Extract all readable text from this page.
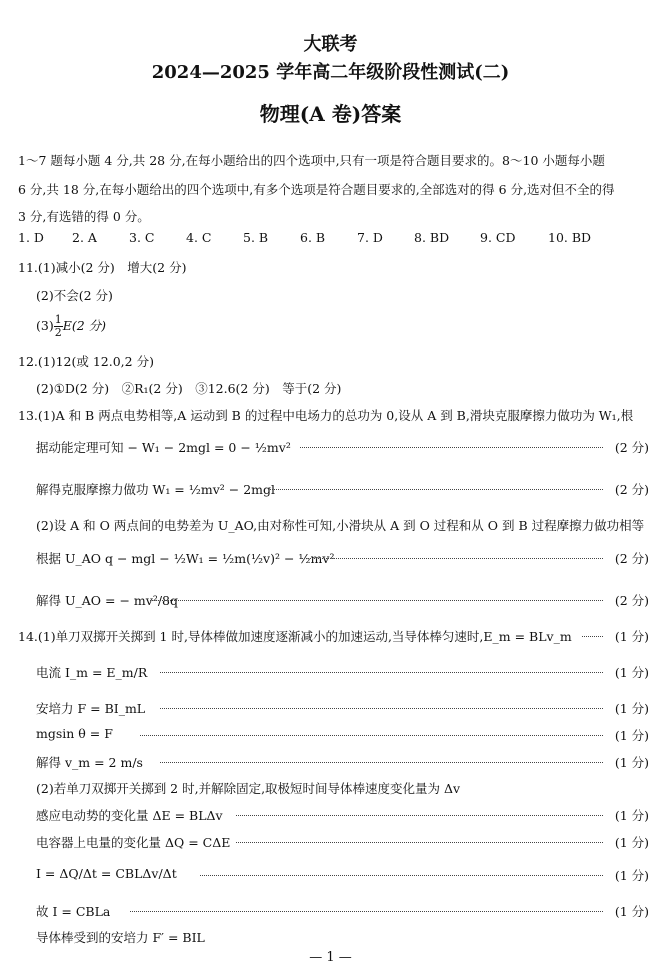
大联考
2024—2025 学年高二年级阶段性测试(二)
物理(A 卷)答案
1～7 题每小题 4 分,共 28 分,在每小题给出的四个选项中,只有一项是符合题目要求的。8～10 小题每小题
6 分,共 18 分,在每小题给出的四个选项中,有多个选项是符合题目要求的,全部选对的得 6 分,选对但不全的得
3 分,有选错的得 0 分。
1. D 2. A	3. C	4. C	5. B	6. B	7. D 8. BD 9. CD	10. BD
11.(1)减小(2 分)　增大(2 分)
(2)不会(2 分)
$(3) \frac{1}{2} E(2$ 分)
12.(1)12(或 12.0,2 分)
(2)①D(2 分)　②R₁(2 分)　③12.6(2 分)　等于(2 分)
13.(1)A 和 B 两点电势相等,A 运动到 B 的过程中电场力的总功为 0,设从 A 到 B,滑块克服摩擦力做功为 W₁,根
据动能定理可知 − W₁ − 2mgl = 0 − ½mv²	(2 分)
解得克服摩擦力做功 W₁ = ½mv² − 2mgl	(2 分)
(2)设 A 和 O 两点间的电势差为 U_AO,由对称性可知,小滑块从 A 到 O 过程和从 O 到 B 过程摩擦力做功相等
根据 U_AO q − mgl − ½W₁ = ½m(½v)² − ½mv²	(2 分)
解得 U_AO = − mv²/8q	(2 分)
14.(1)单刀双掷开关掷到 1 时,导体棒做加速度逐渐减小的加速运动,当导体棒匀速时,E_m = BLv_m	(1 分)
电流 I_m = E_m/R	(1 分)
安培力 F = BI_mL	(1 分)
mgsin θ = F	(1 分)
解得 v_m = 2 m/s	(1 分)
(2)若单刀双掷开关掷到 2 时,并解除固定,取极短时间导体棒速度变化量为 Δv
感应电动势的变化量 ΔE = BLΔv	(1 分)
电容器上电量的变化量 ΔQ = CΔE	(1 分)
I = ΔQ/Δt = CBLΔv/Δt	(1 分)
故 I = CBLa	(1 分)
导体棒受到的安培力 F′ = BIL
— 1 —
